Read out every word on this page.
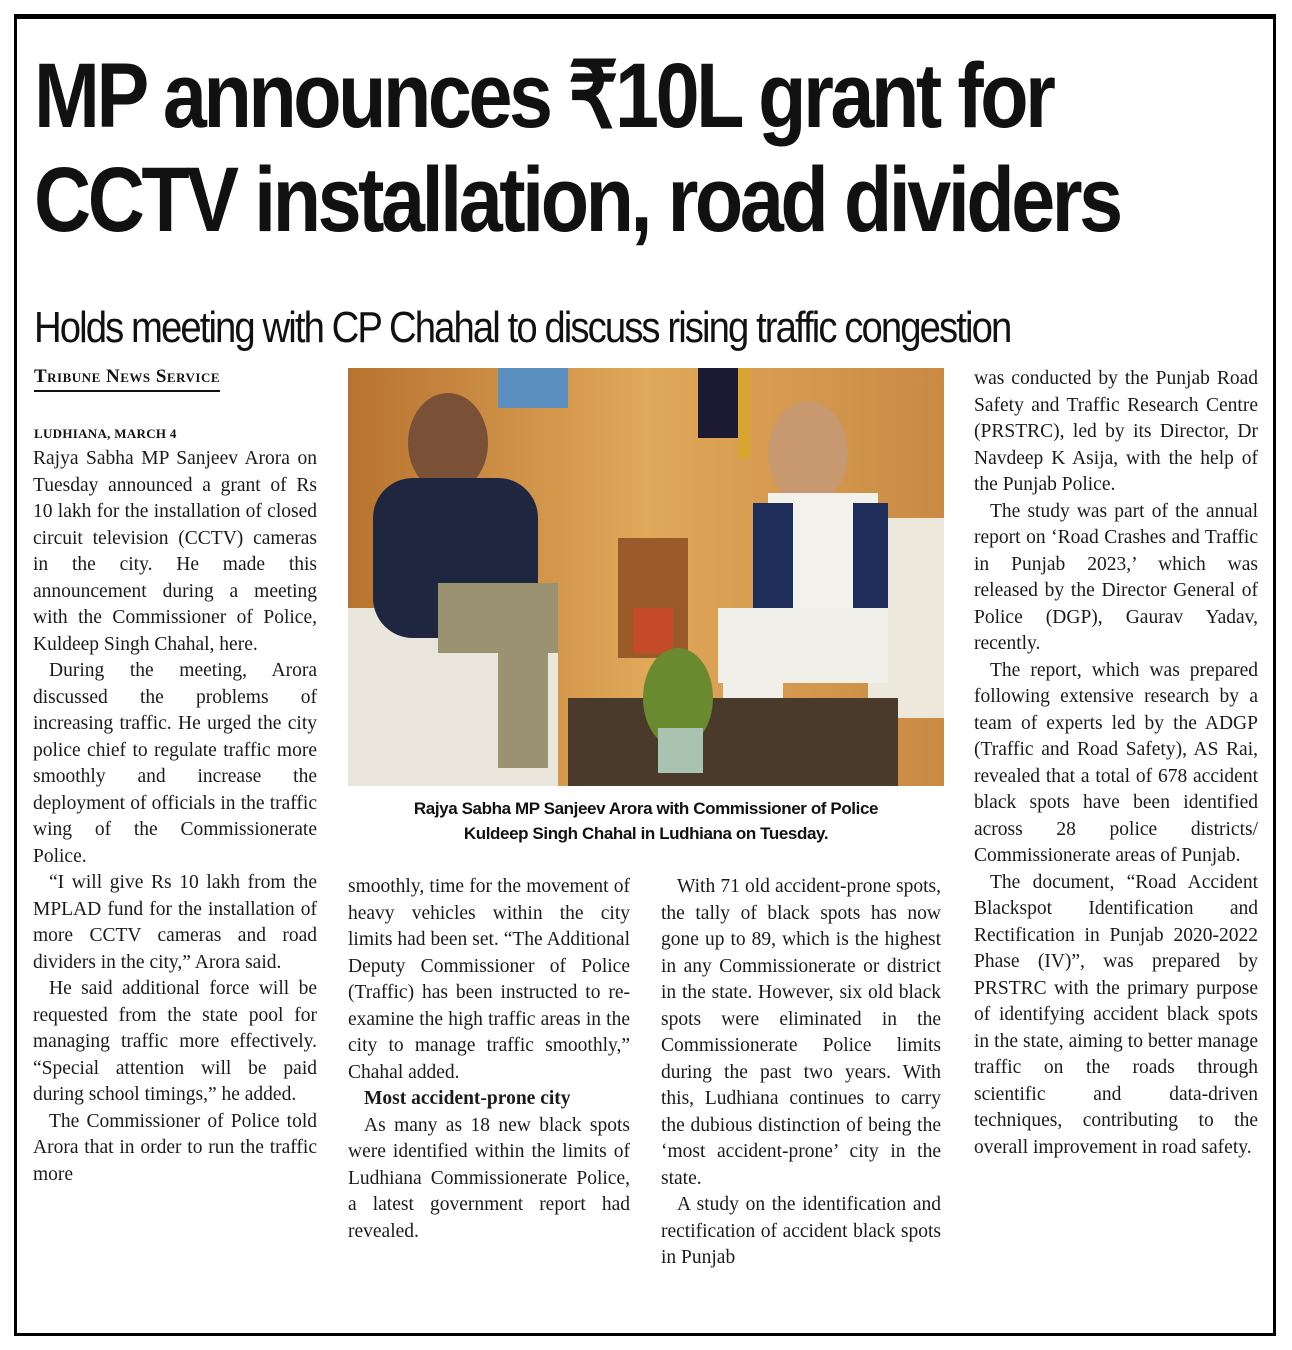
MP announces ₹10L grant for
CCTV installation, road dividers
Holds meeting with CP Chahal to discuss rising traffic congestion
Tribune News Service
LUDHIANA, MARCH 4

Rajya Sabha MP Sanjeev Arora on Tuesday announced a grant of Rs 10 lakh for the installation of closed circuit television (CCTV) cameras in the city. He made this announcement during a meeting with the Commissioner of Police, Kuldeep Singh Chahal, here.

During the meeting, Arora discussed the problems of increasing traffic. He urged the city police chief to regulate traffic more smoothly and increase the deployment of officials in the traffic wing of the Commissionerate Police.

“I will give Rs 10 lakh from the MPLAD fund for the installation of more CCTV cameras and road dividers in the city,” Arora said.

He said additional force will be requested from the state pool for managing traffic more effectively. “Special attention will be paid during school timings,” he added.

The Commissioner of Police told Arora that in order to run the traffic more

Rajya Sabha MP Sanjeev Arora with Commissioner of Police
Kuldeep Singh Chahal in Ludhiana on Tuesday.

smoothly, time for the movement of heavy vehicles within the city limits had been set. “The Additional Deputy Commissioner of Police (Traffic) has been instructed to re-examine the high traffic areas in the city to manage traffic smoothly,” Chahal added.

Most accident-prone city

As many as 18 new black spots were identified within the limits of Ludhiana Commissionerate Police, a latest government report had revealed.

With 71 old accident-prone spots, the tally of black spots has now gone up to 89, which is the highest in any Commissionerate or district in the state. However, six old black spots were eliminated in the Commissionerate Police limits during the past two years. With this, Ludhiana continues to carry the dubious distinction of being the ‘most accident-prone’ city in the state.

A study on the identification and rectification of accident black spots in Punjab

was conducted by the Punjab Road Safety and Traffic Research Centre (PRSTRC), led by its Director, Dr Navdeep K Asija, with the help of the Punjab Police.

The study was part of the annual report on ‘Road Crashes and Traffic in Punjab 2023,’ which was released by the Director General of Police (DGP), Gaurav Yadav, recently.

The report, which was prepared following extensive research by a team of experts led by the ADGP (Traffic and Road Safety), AS Rai, revealed that a total of 678 accident black spots have been identified across 28 police districts/ Commissionerate areas of Punjab.

The document, “Road Accident Blackspot Identification and Rectification in Punjab 2020-2022 Phase (IV)”, was prepared by PRSTRC with the primary purpose of identifying accident black spots in the state, aiming to better manage traffic on the roads through scientific and data-driven techniques, contributing to the overall improvement in road safety.
